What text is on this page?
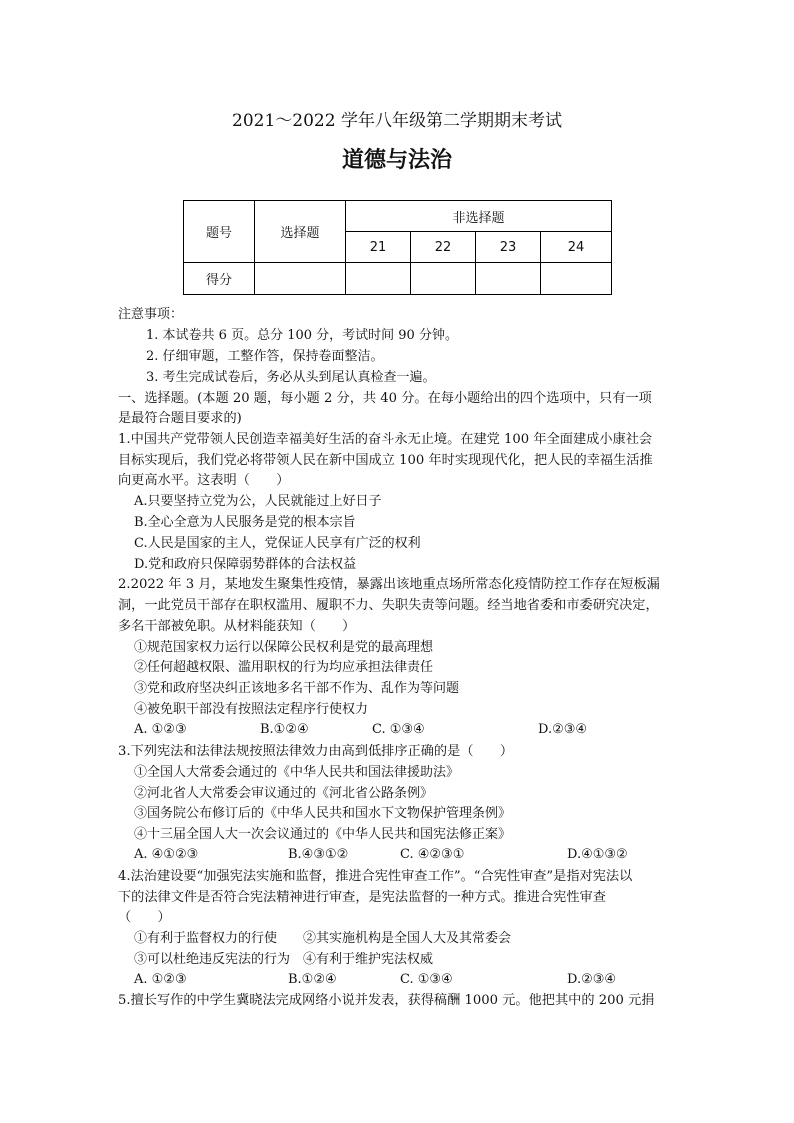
2021～2022 学年八年级第二学期期末考试
道德与法治
题号	选择题	非选择题			
		21	22	23	24
得分					
注意事项：
1. 本试卷共 6 页。总分 100 分，考试时间 90 分钟。
2. 仔细审题，工整作答，保持卷面整洁。
3. 考生完成试卷后，务必从头到尾认真检查一遍。
一、选择题。(本题 20 题，每小题 2 分，共 40 分。在每小题给出的四个选项中，只有一项
是最符合题目要求的)
1.中国共产党带领人民创造幸福美好生活的奋斗永无止境。在建党 100 年全面建成小康社会
目标实现后，我们党必将带领人民在新中国成立 100 年时实现现代化，把人民的幸福生活推
向更高水平。这表明（　　）
A.只要坚持立党为公，人民就能过上好日子
B.全心全意为人民服务是党的根本宗旨
C.人民是国家的主人，党保证人民享有广泛的权利
D.党和政府只保障弱势群体的合法权益
2.2022 年 3 月，某地发生聚集性疫情，暴露出该地重点场所常态化疫情防控工作存在短板漏
洞，一此党员干部存在职权滥用、履职不力、失职失责等问题。经当地省委和市委研究决定，
多名干部被免职。从材料能获知（　　）
①规范国家权力运行以保障公民权利是党的最高理想
②任何超越权限、滥用职权的行为均应承担法律责任
③党和政府坚决纠正该地多名干部不作为、乱作为等问题
④被免职干部没有按照法定程序行使权力
A. ①②③	B.①②④	C. ①③④	D.②③④
3.下列宪法和法律法规按照法律效力由高到低排序正确的是（　　）
①全国人大常委会通过的《中华人民共和国法律援助法》
②河北省人大常委会审议通过的《河北省公路条例》
③国务院公布修订后的《中华人民共和国水下文物保护管理条例》
④十三届全国人大一次会议通过的《中华人民共和国宪法修正案》
A. ④①②③	B.④③①②	C. ④②③①	D.④①③②
4.法治建设要“加强宪法实施和监督，推进合宪性审查工作”。“合宪性审查”是指对宪法以
下的法律文件是否符合宪法精神进行审查，是宪法监督的一种方式。推进合宪性审查
（　　）
①有利于监督权力的行使　　②其实施机构是全国人大及其常委会
③可以杜绝违反宪法的行为　④有利于维护宪法权威
A. ①②③	B.①②④	C. ①③④	D.②③④
5.擅长写作的中学生冀晓法完成网络小说并发表，获得稿酬 1000 元。他把其中的 200 元捐
